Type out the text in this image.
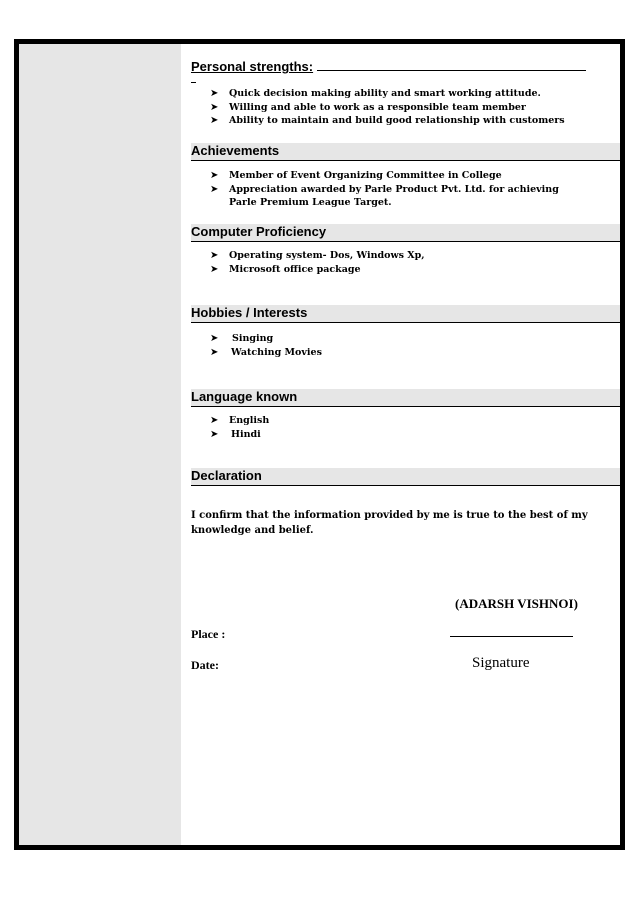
Personal strengths:
➤ Quick decision making ability and smart working attitude.
➤ Willing and able to work as a responsible team member
➤ Ability to maintain and build good relationship with customers
Achievements
➤ Member of Event Organizing Committee in College
➤ Appreciation awarded by Parle Product Pvt. Ltd. for achieving Parle Premium League Target.
Computer Proficiency
➤ Operating system- Dos, Windows Xp,
➤ Microsoft office package
Hobbies / Interests
➤ Singing
➤ Watching Movies
Language known
➤ English
➤ Hindi
Declaration
I confirm that the information provided by me is true to the best of my knowledge and belief.
(ADARSH VISHNOI)
Place :
Date:	Signature
